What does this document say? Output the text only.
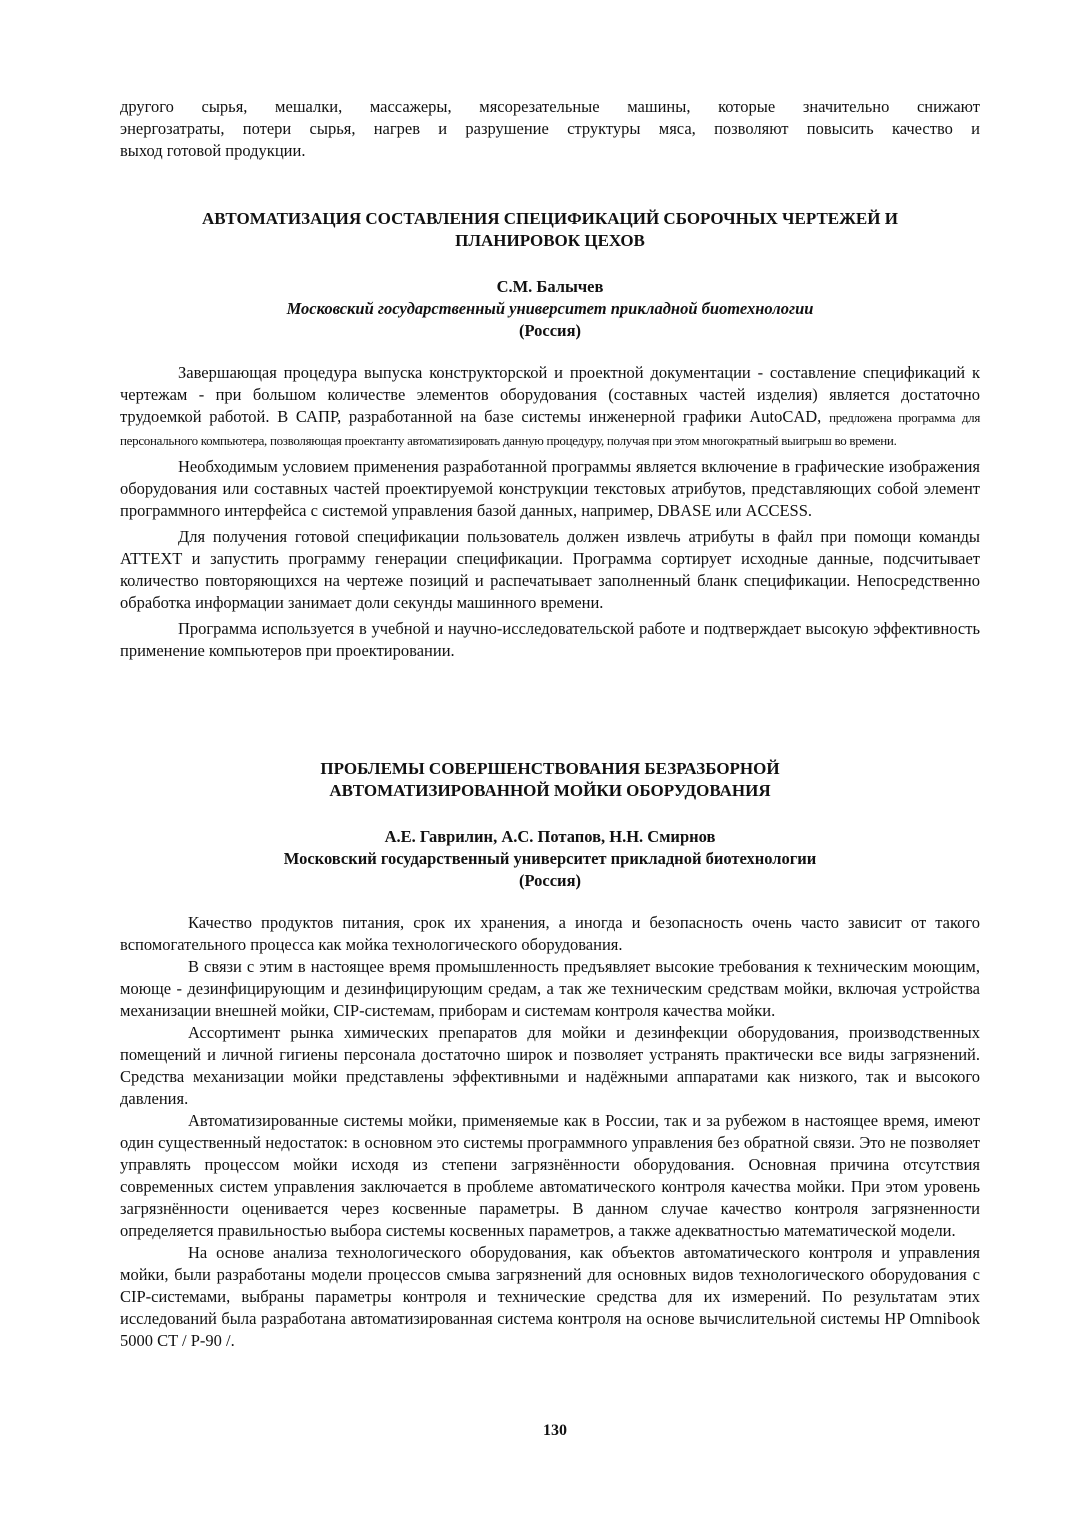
другого сырья, мешалки, массажеры, мясорезательные машины, которые значительно снижают

энергозатраты, потери сырья, нагрев и разрушение структуры мяса, позволяют повысить качество и

выход готовой продукции.

АВТОМАТИЗАЦИЯ СОСТАВЛЕНИЯ СПЕЦИФИКАЦИЙ СБОРОЧНЫХ ЧЕРТЕЖЕЙ И
ПЛАНИРОВОК ЦЕХОВ
С.М. Балычев
Московский государственный университет прикладной биотехнологии
(Россия)

Завершающая процедура выпуска конструкторской и проектной документации - составление спецификаций к чертежам - при большом количестве элементов оборудования (составных частей изделия) является достаточно трудоемкой работой. В САПР, разработанной на базе системы инженерной графики AutoCAD, предложена программа для персонального компьютера, позволяющая проектанту автоматизировать данную процедуру, получая при этом многократный выигрыш во времени.

Необходимым условием применения разработанной программы является включение в графические изображения оборудования или составных частей проектируемой конструкции текстовых атрибутов, представляющих собой элемент программного интерфейса с системой управления базой данных, например, DBASE или ACCESS.

Для получения готовой спецификации пользователь должен извлечь атрибуты в файл при помощи команды ATTEXT и запустить программу генерации спецификации. Программа сортирует исходные данные, подсчитывает количество повторяющихся на чертеже позиций и распечатывает заполненный бланк спецификации. Непосредственно обработка информации занимает доли секунды машинного времени.

Программа используется в учебной и научно-исследовательской работе и подтверждает высокую эффективность применение компьютеров при проектировании.

ПРОБЛЕМЫ СОВЕРШЕНСТВОВАНИЯ БЕЗРАЗБОРНОЙ
АВТОМАТИЗИРОВАННОЙ МОЙКИ ОБОРУДОВАНИЯ
А.Е. Гаврилин, А.С. Потапов, Н.Н. Смирнов
Московский государственный университет прикладной биотехнологии
(Россия)

Качество продуктов питания, срок их хранения, а иногда и безопасность очень часто зависит от такого вспомогательного процесса как мойка технологического оборудования.

В связи с этим в настоящее время промышленность предъявляет высокие требования к техническим моющим, моюще - дезинфицирующим и дезинфицирующим средам, а так же техническим средствам мойки, включая устройства механизации внешней мойки, CIP-системам, приборам и системам контроля качества мойки.

Ассортимент рынка химических препаратов для мойки и дезинфекции оборудования, производственных помещений и личной гигиены персонала достаточно широк и позволяет устранять практически все виды загрязнений. Средства механизации мойки представлены эффективными и надёжными аппаратами как низкого, так и высокого давления.

Автоматизированные системы мойки, применяемые как в России, так и за рубежом в настоящее время, имеют один существенный недостаток: в основном это системы программного управления без обратной связи. Это не позволяет управлять процессом мойки исходя из степени загрязнённости оборудования. Основная причина отсутствия современных систем управления заключается в проблеме автоматического контроля качества мойки. При этом уровень загрязнённости оценивается через косвенные параметры. В данном случае качество контроля загрязненности определяется правильностью выбора системы косвенных параметров, а также адекватностью математической модели.

На основе анализа технологического оборудования, как объектов автоматического контроля и управления мойки, были разработаны модели процессов смыва загрязнений для основных видов технологического оборудования с CIP-системами, выбраны параметры контроля и технические средства для их измерений. По результатам этих исследований была разработана автоматизированная система контроля на основе вычислительной системы HP Omnibook 5000 CT / P-90 /.

130
